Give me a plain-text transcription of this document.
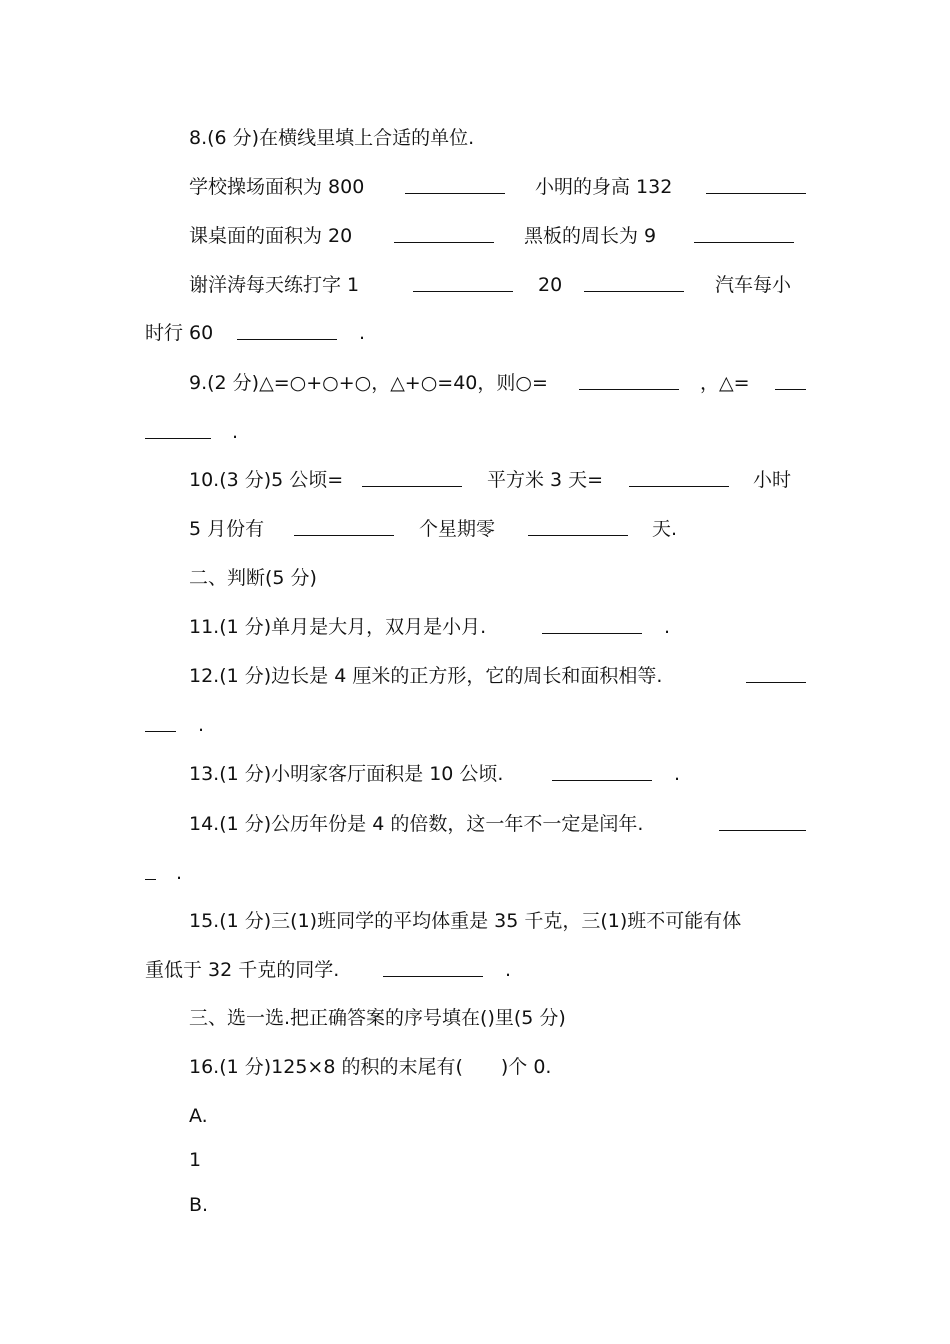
8.(6 分)在横线里填上合适的单位.
学校操场面积为 800	小明的身高 132
课桌面的面积为 20	黑板的周长为 9
谢洋涛每天练打字 1	20	汽车每小
时行 60	.
9.(2 分)△=○+○+○，△+○=40，则○=	，△=
.
10.(3 分)5 公顷=	平方米 3 天=	小时
5 月份有	个星期零	天.
二、判断(5 分)
11.(1 分)单月是大月，双月是小月.	.
12.(1 分)边长是 4 厘米的正方形，它的周长和面积相等.
.
13.(1 分)小明家客厅面积是 10 公顷.	.
14.(1 分)公历年份是 4 的倍数，这一年不一定是闰年.
.
15.(1 分)三(1)班同学的平均体重是 35 千克，三(1)班不可能有体
重低于 32 千克的同学.	.
三、选一选.把正确答案的序号填在()里(5 分)
16.(1 分)125×8 的积的末尾有(　　)个 0.
A.
1
B.
